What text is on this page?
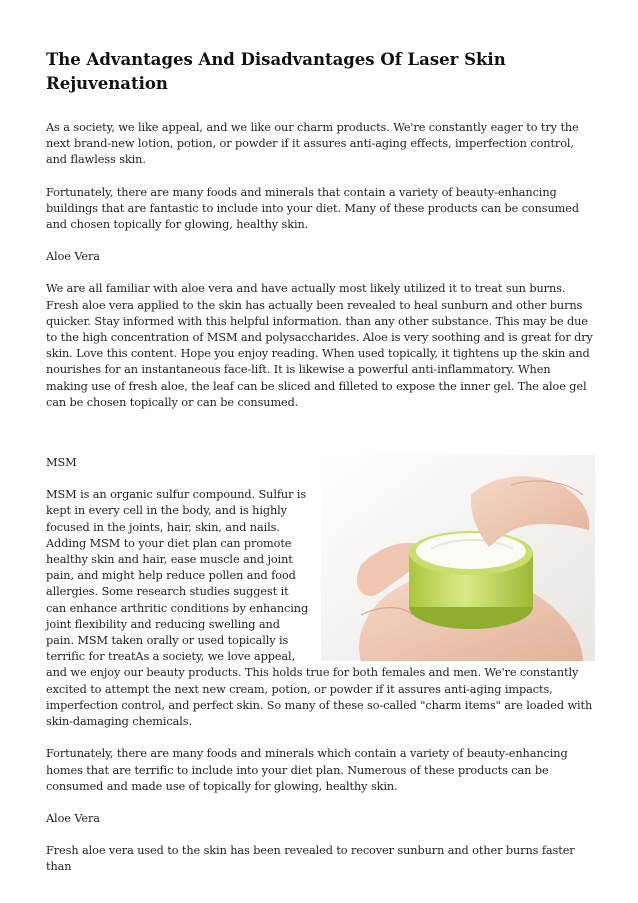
The Advantages And Disadvantages Of Laser Skin Rejuvenation

As a society, we like appeal, and we like our charm products. We're constantly eager to try the next brand-new lotion, potion, or powder if it assures anti-aging effects, imperfection control, and flawless skin.

Fortunately, there are many foods and minerals that contain a variety of beauty-enhancing buildings that are fantastic to include into your diet. Many of these products can be consumed and chosen topically for glowing, healthy skin.

Aloe Vera

We are all familiar with aloe vera and have actually most likely utilized it to treat sun burns. Fresh aloe vera applied to the skin has actually been revealed to heal sunburn and other burns quicker. Stay informed with this helpful information. than any other substance. This may be due to the high concentration of MSM and polysaccharides. Aloe is very soothing and is great for dry skin. Love this content. Hope you enjoy reading. When used topically, it tightens up the skin and nourishes for an instantaneous face-lift. It is likewise a powerful anti-inflammatory. When making use of fresh aloe, the leaf can be sliced and filleted to expose the inner gel. The aloe gel can be chosen topically or can be consumed.

MSM

MSM is an organic sulfur compound. Sulfur is kept in every cell in the body, and is highly focused in the joints, hair, skin, and nails. Adding MSM to your diet plan can promote healthy skin and hair, ease muscle and joint pain, and might help reduce pollen and food allergies. Some research studies suggest it can enhance arthritic conditions by enhancing joint flexibility and reducing swelling and pain. MSM taken orally or used topically is terrific for treatAs a society, we love appeal, and we enjoy our beauty products. This holds true for both females and men. We're constantly excited to attempt the next new cream, potion, or powder if it assures anti-aging impacts, imperfection control, and perfect skin. So many of these so-called "charm items" are loaded with skin-damaging chemicals.

Fortunately, there are many foods and minerals which contain a variety of beauty-enhancing homes that are terrific to include into your diet plan. Numerous of these products can be consumed and made use of topically for glowing, healthy skin.

Aloe Vera

Fresh aloe vera used to the skin has been revealed to recover sunburn and other burns faster than
